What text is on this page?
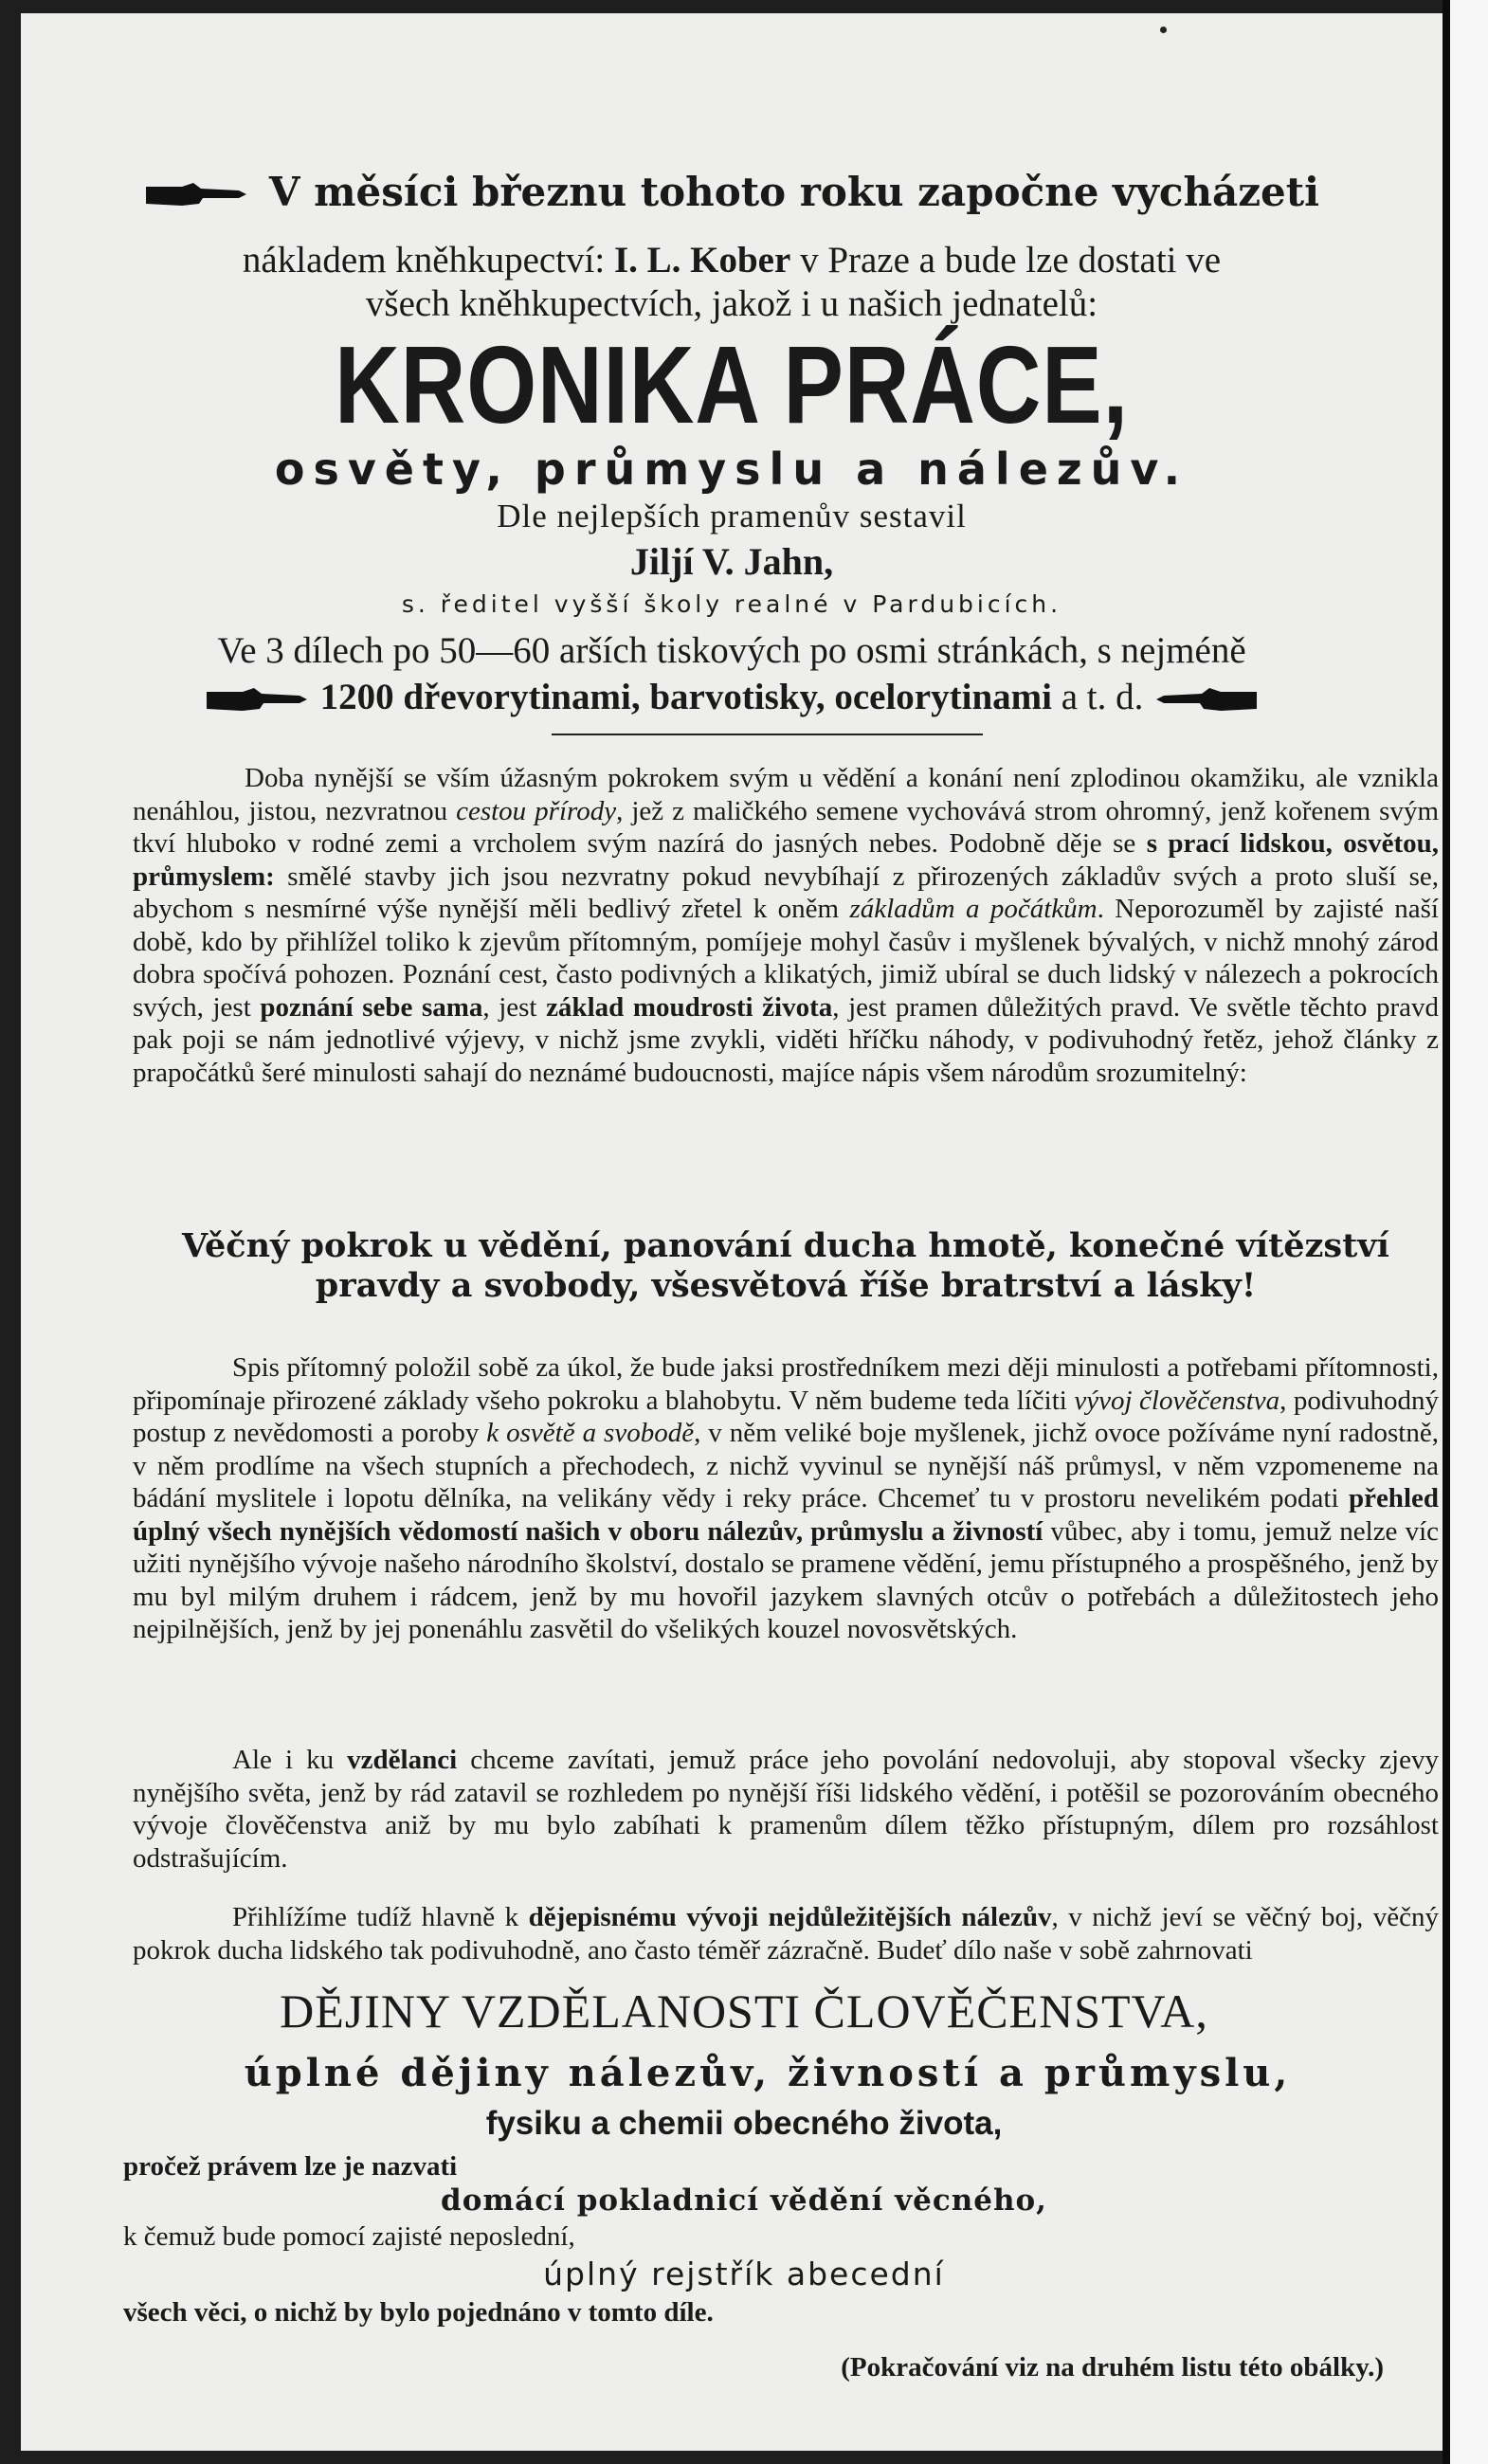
V měsíci březnu tohoto roku započne vycházeti
nákladem kněhkupectví: I. L. Kober v Praze a bude lze dostati ve
všech kněhkupectvích, jakož i u našich jednatelů:
KRONIKA PRÁCE,
osvěty, průmyslu a nálezův.
Dle nejlepších pramenův sestavil
Jiljí V. Jahn,
s. ředitel vyšší školy realné v Pardubicích.
Ve 3 dílech po 50—60 arších tiskových po osmi stránkách, s nejméně
1200 dřevorytinami, barvotisky, ocelorytinami a t. d.
Doba nynější se vším úžasným pokrokem svým u vědění a konání není zplodinou okamžiku, ale vznikla nenáhlou, jistou, nezvratnou cestou přírody, jež z maličkého semene vychovává strom ohromný, jenž kořenem svým tkví hluboko v rodné zemi a vrcholem svým nazírá do jasných nebes. Podobně děje se s prací lidskou, osvětou, průmyslem: smělé stavby jich jsou nezvratny pokud nevybíhají z přirozených základův svých a proto sluší se, abychom s nesmírné výše nynější měli bedlivý zřetel k oněm základům a počátkům. Neporozuměl by zajisté naší době, kdo by přihlížel toliko k zjevům přítomným, pomíjeje mohyl časův i myšlenek bývalých, v nichž mnohý zárod dobra spočívá pohozen. Poznání cest, často podivných a klikatých, jimiž ubíral se duch lidský v nálezech a pokrocích svých, jest poznání sebe sama, jest základ moudrosti života, jest pramen důležitých pravd. Ve světle těchto pravd pak poji se nám jednotlivé výjevy, v nichž jsme zvykli, viděti hříčku náhody, v podivuhodný řetěz, jehož články z prapočátků šeré minulosti sahají do neznámé budoucnosti, majíce nápis všem národům srozumitelný:
Věčný pokrok u vědění, panování ducha hmotě, konečné vítězství pravdy a svobody, všesvětová říše bratrství a lásky!
Spis přítomný položil sobě za úkol, že bude jaksi prostředníkem mezi ději minulosti a potřebami přítomnosti, připomínaje přirozené základy všeho pokroku a blahobytu. V něm budeme teda líčiti vývoj člověčenstva, podivuhodný postup z nevědomosti a poroby k osvětě a svobodě, v něm veliké boje myšlenek, jichž ovoce požíváme nyní radostně, v něm prodlíme na všech stupních a přechodech, z nichž vyvinul se nynější náš průmysl, v něm vzpomeneme na bádání myslitele i lopotu dělníka, na velikány vědy i reky práce. Chcemeť tu v prostoru nevelikém podati přehled úplný všech nynějších vědomostí našich v oboru nálezův, průmyslu a živností vůbec, aby i tomu, jemuž nelze víc užiti nynějšího vývoje našeho národního školství, dostalo se pramene vědění, jemu přístupného a prospěšného, jenž by mu byl milým druhem i rádcem, jenž by mu hovořil jazykem slavných otcův o potřebách a důležitostech jeho nejpilnějších, jenž by jej ponenáhlu zasvětil do všelikých kouzel novosvětských.
Ale i ku vzdělanci chceme zavítati, jemuž práce jeho povolání nedovoluji, aby stopoval všecky zjevy nynějšího světa, jenž by rád zatavil se rozhledem po nynější říši lidského vědění, i potěšil se pozorováním obecného vývoje člověčenstva aniž by mu bylo zabíhati k pramenům dílem těžko přístupným, dílem pro rozsáhlost odstrašujícím.
Přihlížíme tudíž hlavně k dějepisnému vývoji nejdůležitějších nálezův, v nichž jeví se věčný boj, věčný pokrok ducha lidského tak podivuhodně, ano často téměř zázračně. Budeť dílo naše v sobě zahrnovati
DĚJINY VZDĚLANOSTI ČLOVĚČENSTVA,
úplné dějiny nálezův, živností a průmyslu,
fysiku a chemii obecného života,
pročež právem lze je nazvati
domácí pokladnicí vědění věcného,
k čemuž bude pomocí zajisté neposlední,
úplný rejstřík abecední
všech věci, o nichž by bylo pojednáno v tomto díle.
(Pokračování viz na druhém listu této obálky.)
